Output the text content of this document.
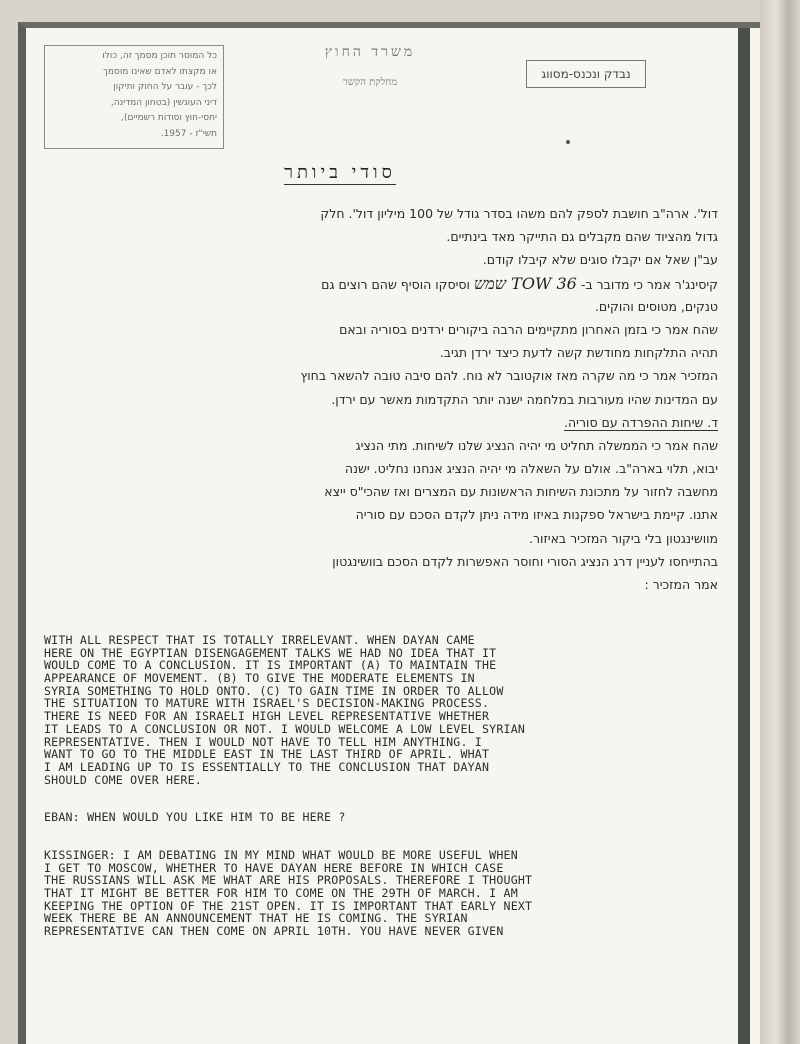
כל המוסר תוכן מסמך זה, כולו
או מקצתו לאדם שאינו מוסמך
לכך - עובר על החוק ותיקון
דיני העונשין (בטחון המדינה,
יחסי-חוץ וסודות רשמיים),
תשי"ז - 1957.
משרד החוץ
מחלקת הקשר
נבדק ונכנס-מסווג
סודי ביותר
דול'. ארה"ב חושבת לספק להם משהו בסדר גודל של 100 מיליון דול'. חלק
גדול מהציוד שהם מקבלים גם התייקר מאד בינתיים.
עב"ן שאל אם יקבלו סוגים שלא קיבלו קודם.
קיסינג'ר אמר כי מדובר ב- TOW 36 שמש וסיסקו הוסיף שהם רוצים גם
טנקים, מטוסים והוקים.
שהח אמר כי בזמן האחרון מתקיימים הרבה ביקורים ירדנים בסוריה ובאם
תהיה התלקחות מחודשת קשה לדעת כיצד ירדן תגיב.
המזכיר אמר כי מה שקרה מאז אוקטובר לא נוח. להם סיבה טובה להשאר בחוץ
עם המדינות שהיו מעורבות במלחמה ישנה יותר התקדמות מאשר עם ירדן.
ד. שיחות ההפרדה עם סוריה.
שהח אמר כי הממשלה תחליט מי יהיה הנציג שלנו לשיחות. מתי הנציג
יבוא, תלוי בארה"ב. אולם על השאלה מי יהיה הנציג אנחנו נחליט. ישנה
מחשבה לחזור על מתכונת השיחות הראשונות עם המצרים ואז שהכי"ס ייצא
אתנו. קיימת בישראל ספקנות באיזו מידה ניתן לקדם הסכם עם סוריה
מוושינגטון בלי ביקור המזכיר באיזור.
בהתייחסו לעניין דרג הנציג הסורי וחוסר האפשרות לקדם הסכם בוושינגטון
אמר המזכיר :
WITH ALL RESPECT THAT IS TOTALLY IRRELEVANT. WHEN DAYAN CAME
HERE ON THE EGYPTIAN DISENGAGEMENT TALKS WE HAD NO IDEA THAT IT
WOULD COME TO A CONCLUSION. IT IS IMPORTANT (A) TO MAINTAIN THE
APPEARANCE OF MOVEMENT. (B) TO GIVE THE MODERATE ELEMENTS IN
SYRIA SOMETHING TO HOLD ONTO. (C) TO GAIN TIME IN ORDER TO ALLOW
THE SITUATION TO MATURE WITH ISRAEL'S DECISION-MAKING PROCESS.
THERE IS NEED FOR AN ISRAELI HIGH LEVEL REPRESENTATIVE WHETHER
IT LEADS TO A CONCLUSION OR NOT. I WOULD WELCOME A LOW LEVEL SYRIAN
REPRESENTATIVE. THEN I WOULD NOT HAVE TO TELL HIM ANYTHING. I
WANT TO GO TO THE MIDDLE EAST IN THE LAST THIRD OF APRIL. WHAT
I AM LEADING UP TO IS ESSENTIALLY TO THE CONCLUSION THAT DAYAN
SHOULD COME OVER HERE.
EBAN: WHEN WOULD YOU LIKE HIM TO BE HERE ?
KISSINGER: I AM DEBATING IN MY MIND WHAT WOULD BE MORE USEFUL WHEN
I GET TO MOSCOW, WHETHER TO HAVE DAYAN HERE BEFORE IN WHICH CASE
THE RUSSIANS WILL ASK ME WHAT ARE HIS PROPOSALS. THEREFORE I THOUGHT
THAT IT MIGHT BE BETTER FOR HIM TO COME ON THE 29TH OF MARCH. I AM
KEEPING THE OPTION OF THE 21ST OPEN. IT IS IMPORTANT THAT EARLY NEXT
WEEK THERE BE AN ANNOUNCEMENT THAT HE IS COMING. THE SYRIAN
REPRESENTATIVE CAN THEN COME ON APRIL 10TH. YOU HAVE NEVER GIVEN
